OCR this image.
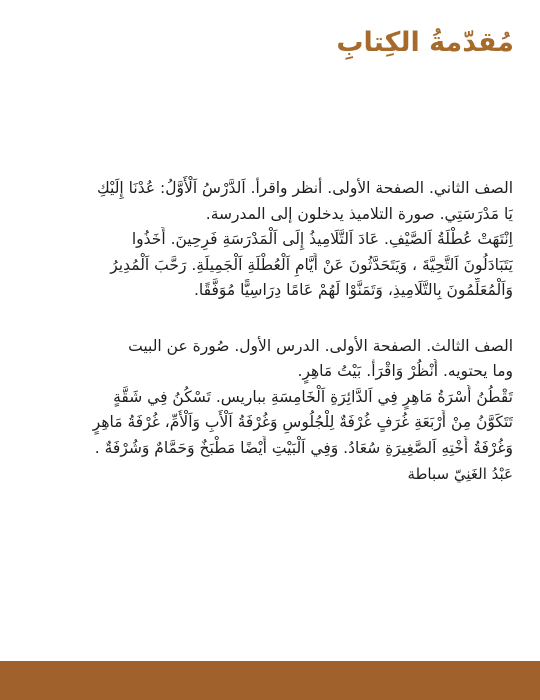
مُقدّمةُ الكِتابِ
الصف الثاني. الصفحة الأولى. أنظر واقرأ. اَلدَّرْسُ اَلْأَوَّلُ: عُدْنَا إِلَيْكِ
يَا مَدْرَسَتِي. صورة التلاميذ يدخلون إلى المدرسة.
اِنْتَهَتْ عُطْلَةُ اَلصَّيْفِ. عَادَ اَلتَّلَامِيذُ إِلَى اَلْمَدْرَسَةِ فَرِحِينَ. أَخَذُوا
يَتَبَادَلُونَ اَلتَّحِيَّةَ ، وَيَتَحَدَّثُونَ عَنْ أَيَّامِ اَلْعُطْلَةِ اَلْجَمِيلَةِ. رَحَّبَ اَلْمُدِيرُ
وَاَلْمُعَلِّمُونَ بِالتَّلَامِيذِ، وَتَمَنَّوْا لَهُمْ عَامًا دِرَاسِيًّا مُوَفَّقًا.
الصف الثالث. الصفحة الأولى. الدرس الأول. صُورة عن البيت
وما يحتويه. أُنْظُرْ وَاقْرَأْ. بَيْتُ مَاهِرٍ.
تَقْطُنُ أُسْرَةُ مَاهِرٍ فِي اَلدَّائِرَةِ اَلْخَامِسَةِ بباريس. تَسْكُنُ فِي شَقَّةٍ
تَتَكَوَّنُ مِنْ أَرْبَعَةِ غُرَفٍ غُرْفَةٌ لِلْجُلُوسِ وَغُرْفَةُ اَلْأَبِ وَاَلْأُمِّ، غُرْفَةُ مَاهِرٍ
وَغُرْفَةُ أُخْتِهِ اَلصَّغِيرَةِ سُعَادُ. وَفِي اَلْبَيْتِ أَيْضًا مَطْبَخٌ وَحَمَّامٌ وَشُرْفَةٌ .
عَبْدُ الغَنِيّ سباطة
